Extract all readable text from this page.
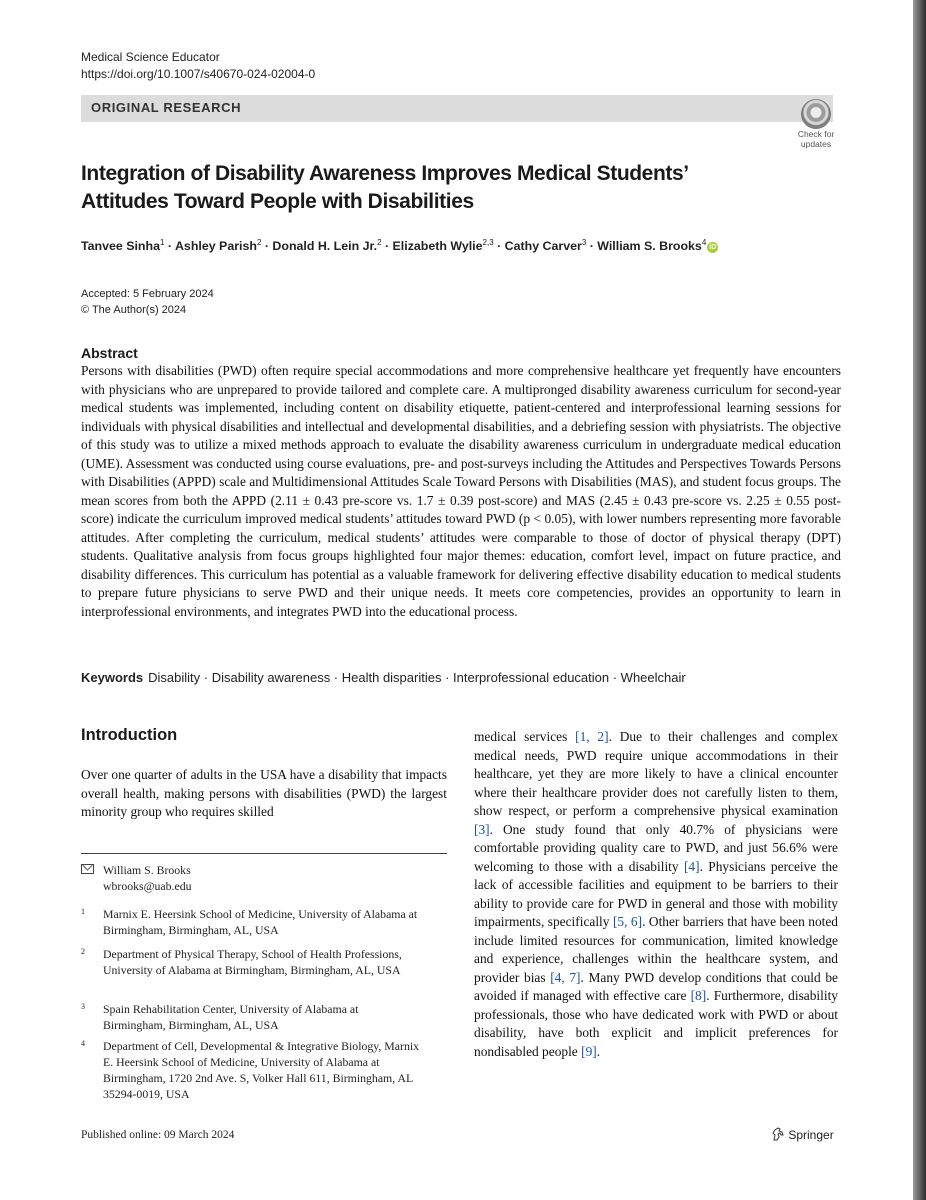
Medical Science Educator
https://doi.org/10.1007/s40670-024-02004-0
ORIGINAL RESEARCH
Check for
updates
Integration of Disability Awareness Improves Medical Students’
Attitudes Toward People with Disabilities
Tanvee Sinha$^1$ · Ashley Parish$^2$ · Donald H. Lein Jr.$^2$ · Elizabeth Wylie$^{2,3}$ · Cathy Carver$^3$ · William S. Brooks$^4$iD
Accepted: 5 February 2024
© The Author(s) 2024
Abstract

Persons with disabilities (PWD) often require special accommodations and more comprehensive healthcare yet frequently have encounters with physicians who are unprepared to provide tailored and complete care. A multipronged disability awareness curriculum for second-year medical students was implemented, including content on disability etiquette, patient-centered and interprofessional learning sessions for individuals with physical disabilities and intellectual and developmental disabilities, and a debriefing session with physiatrists. The objective of this study was to utilize a mixed methods approach to evaluate the disability awareness curriculum in undergraduate medical education (UME). Assessment was conducted using course evaluations, pre- and post-surveys including the Attitudes and Perspectives Towards Persons with Disabilities (APPD) scale and Multidimensional Attitudes Scale Toward Persons with Disabilities (MAS), and student focus groups. The mean scores from both the APPD (2.11 ± 0.43 pre-score vs. 1.7 ± 0.39 post-score) and MAS (2.45 ± 0.43 pre-score vs. 2.25 ± 0.55 post-score) indicate the curriculum improved medical students’ attitudes toward PWD (p < 0.05), with lower numbers representing more favorable attitudes. After completing the curriculum, medical students’ attitudes were comparable to those of doctor of physical therapy (DPT) students. Qualitative analysis from focus groups highlighted four major themes: education, comfort level, impact on future practice, and disability differences. This curriculum has potential as a valuable framework for delivering effective disability education to medical students to prepare future physicians to serve PWD and their unique needs. It meets core competencies, provides an opportunity to learn in interprofessional environments, and integrates PWD into the educational process.

Keywords Disability · Disability awareness · Health disparities · Interprofessional education · Wheelchair
Introduction

Over one quarter of adults in the USA have a disability that impacts overall health, making persons with disabilities (PWD) the largest minority group who requires skilled

William S. Brooks
wbrooks@uab.edu
1 Marnix E. Heersink School of Medicine, University of Alabama at Birmingham, Birmingham, AL, USA
2 Department of Physical Therapy, School of Health Professions, University of Alabama at Birmingham, Birmingham, AL, USA
3 Spain Rehabilitation Center, University of Alabama at Birmingham, Birmingham, AL, USA
4 Department of Cell, Developmental & Integrative Biology, Marnix E. Heersink School of Medicine, University of Alabama at Birmingham, 1720 2nd Ave. S, Volker Hall 611, Birmingham, AL 35294-0019, USA

medical services [1, 2]. Due to their challenges and complex medical needs, PWD require unique accommodations in their healthcare, yet they are more likely to have a clinical encounter where their healthcare provider does not carefully listen to them, show respect, or perform a comprehensive physical examination [3]. One study found that only 40.7% of physicians were comfortable providing quality care to PWD, and just 56.6% were welcoming to those with a disability [4]. Physicians perceive the lack of accessible facilities and equipment to be barriers to their ability to provide care for PWD in general and those with mobility impairments, specifically [5, 6]. Other barriers that have been noted include limited resources for communication, limited knowledge and experience, challenges within the healthcare system, and provider bias [4, 7]. Many PWD develop conditions that could be avoided if managed with effective care [8]. Furthermore, disability professionals, those who have dedicated work with PWD or about disability, have both explicit and implicit preferences for nondisabled people [9].

Published online: 09 March 2024	Springer
